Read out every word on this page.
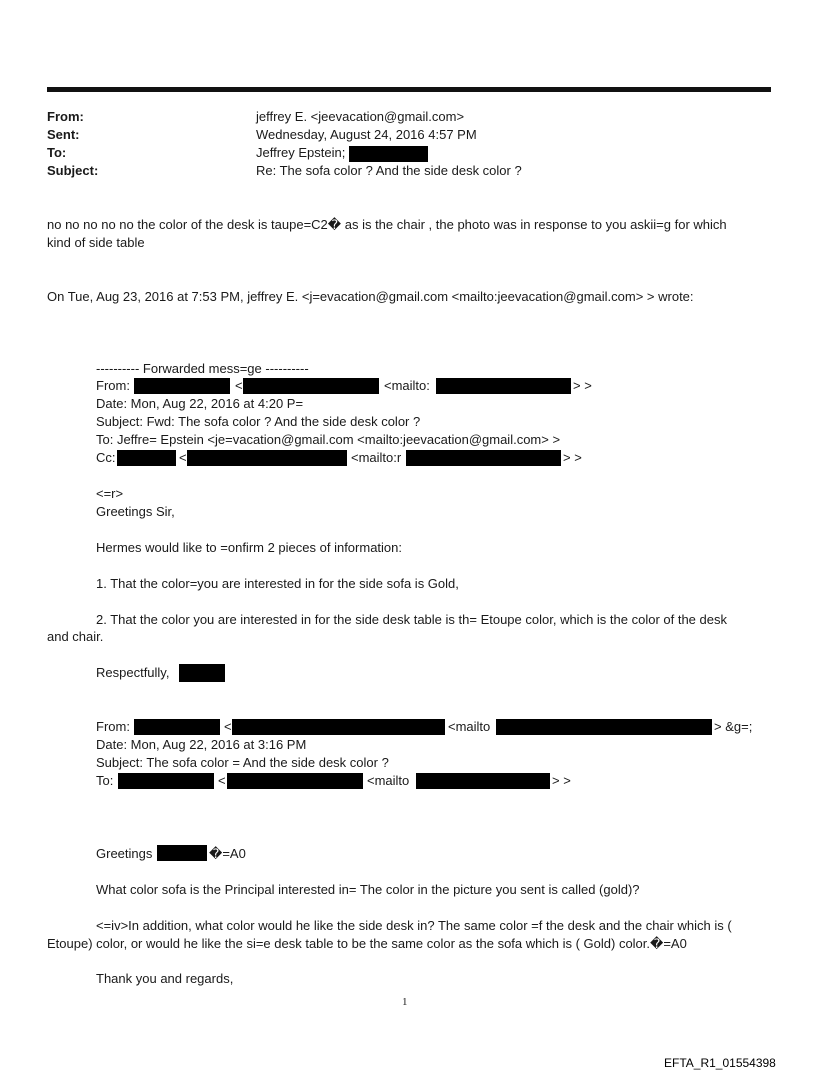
From:	jeffrey E. <jeevacation@gmail.com>
Sent:	Wednesday, August 24, 2016 4:57 PM
To:	Jeffrey Epstein;
Subject:	Re: The sofa color ? And the side desk color ?
no no no no no the color of the desk is taupe=C2� as is the chair , the photo was in response to you askii=g for which
kind of side table
On Tue, Aug 23, 2016 at 7:53 PM, jeffrey E. <j=evacation@gmail.com <mailto:jeevacation@gmail.com> > wrote:
---------- Forwarded mess=ge ----------
From:	<	<mailto:	> >
Date: Mon, Aug 22, 2016 at 4:20 P=
Subject: Fwd: The sofa color ? And the side desk color ?
To: Jeffre= Epstein <je=vacation@gmail.com <mailto:jeevacation@gmail.com> >
Cc:	<	<mailto:r	> >
<=r>
Greetings Sir,
Hermes would like to =onfirm 2 pieces of information:
1. That the color=you are interested in for the side sofa is Gold,
2. That the color you are interested in for the side desk table is th= Etoupe color, which is the color of the desk
and chair.
Respectfully,
From:	<	<mailto	> &g=;
Date: Mon, Aug 22, 2016 at 3:16 PM
Subject: The sofa color = And the side desk color ?
To:	<	<mailto	> >
Greetings	�=A0
What color sofa is the Principal interested in= The color in the picture you sent is called (gold)?
<=iv>In addition, what color would he like the side desk in? The same color =f the desk and the chair which is (
Etoupe) color, or would he like the si=e desk table to be the same color as the sofa which is ( Gold) color.�=A0
Thank you and regards,
1
EFTA_R1_01554398
